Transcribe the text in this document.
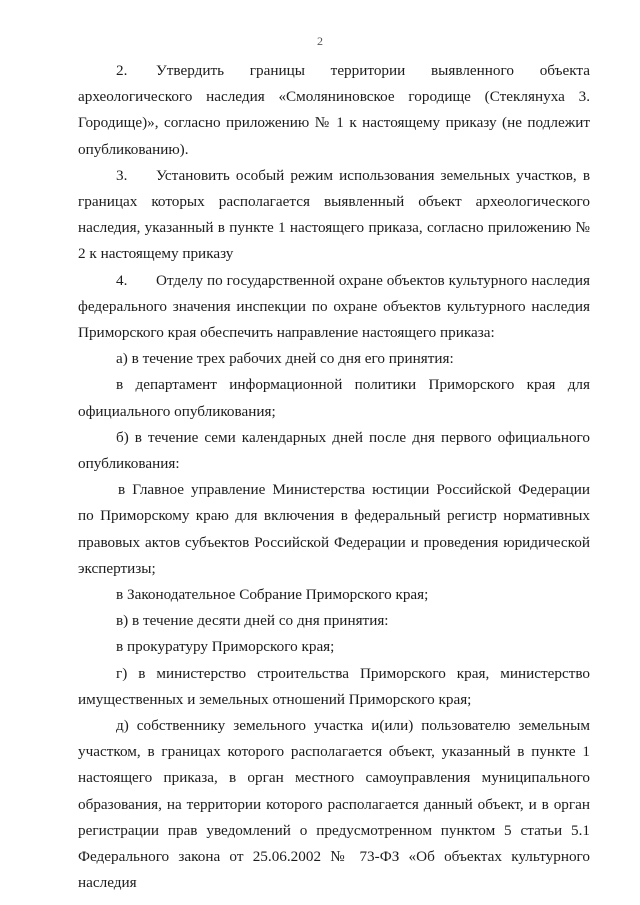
2

2. Утвердить границы территории выявленного объекта археологического наследия «Смоляниновское городище (Стеклянуха 3. Городище)», согласно приложению № 1 к настоящему приказу (не подлежит опубликованию).

3. Установить особый режим использования земельных участков, в границах которых располагается выявленный объект археологического наследия, указанный в пункте 1 настоящего приказа, согласно приложению № 2 к настоящему приказу

4. Отделу по государственной охране объектов культурного наследия федерального значения инспекции по охране объектов культурного наследия Приморского края обеспечить направление настоящего приказа:

а) в течение трех рабочих дней со дня его принятия:

в департамент информационной политики Приморского края для официального опубликования;

б) в течение семи календарных дней после дня первого официального опубликования:

в Главное управление Министерства юстиции Российской Федерации по Приморскому краю для включения в федеральный регистр нормативных правовых актов субъектов Российской Федерации и проведения юридической экспертизы;

в Законодательное Собрание Приморского края;

в) в течение десяти дней со дня принятия:

в прокуратуру Приморского края;

г) в министерство строительства Приморского края, министерство имущественных и земельных отношений Приморского края;

д) собственнику земельного участка и(или) пользователю земельным участком, в границах которого располагается объект, указанный в пункте 1 настоящего приказа, в орган местного самоуправления муниципального образования, на территории которого располагается данный объект, и в орган регистрации прав уведомлений о предусмотренном пунктом 5 статьи 5.1 Федерального закона от 25.06.2002 № 73-ФЗ «Об объектах культурного наследия
